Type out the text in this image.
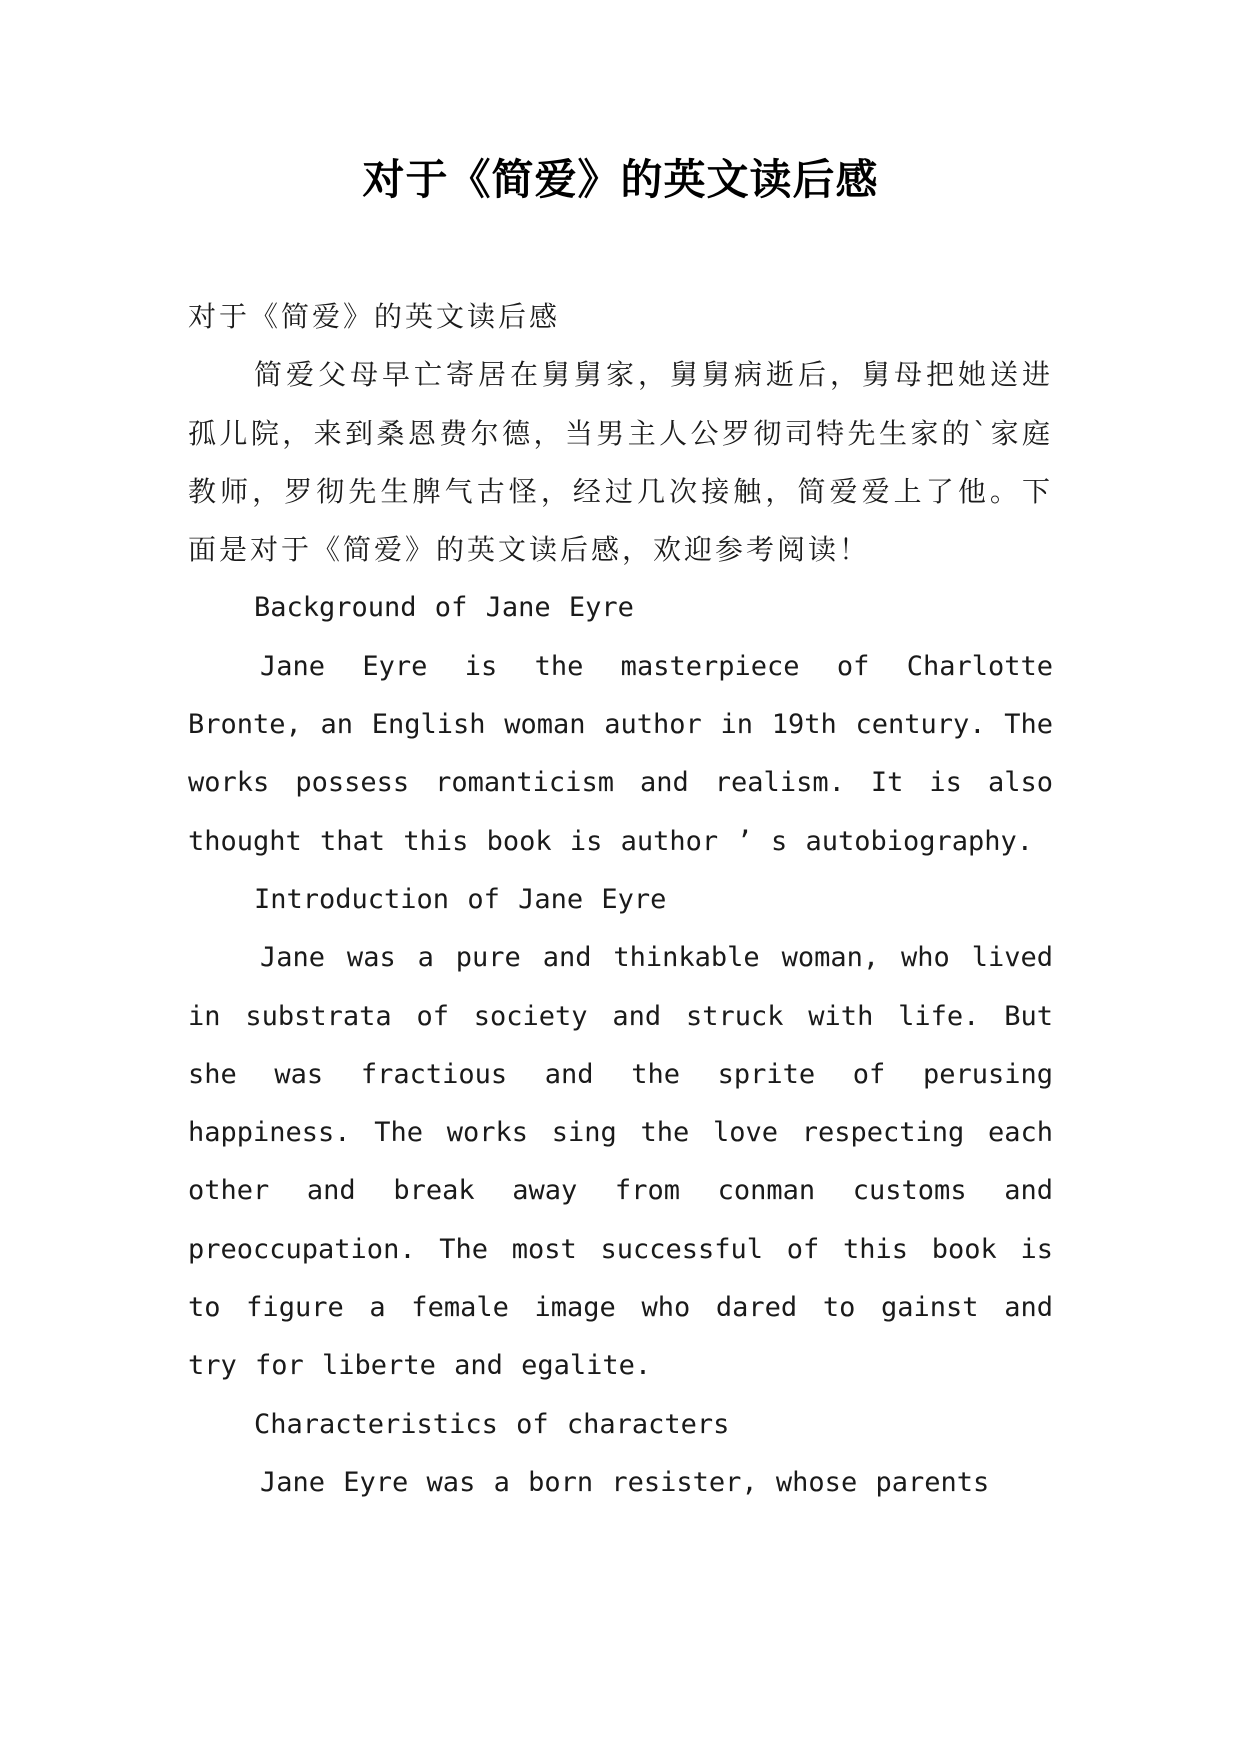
对于《简爱》的英文读后感

对于《简爱》的英文读后感

简爱父母早亡寄居在舅舅家，舅舅病逝后，舅母把她送进孤儿院，来到桑恩费尔德，当男主人公罗彻司特先生家的`家庭教师，罗彻先生脾气古怪，经过几次接触，简爱爱上了他。下面是对于《简爱》的英文读后感，欢迎参考阅读！

Background of Jane Eyre

Jane Eyre is the masterpiece of Charlotte Bronte, an English woman author in 19th century. The works possess romanticism and realism. It is also thought that this book is author ’ s autobiography.

Introduction of Jane Eyre

Jane was a pure and thinkable woman, who lived in substrata of society and struck with life. But she was fractious and the sprite of perusing happiness. The works sing the love respecting each other and break away from conman customs and preoccupation. The most successful of this book is to figure a female image who dared to gainst and try for liberte and egalite.

Characteristics of characters

Jane Eyre was a born resister, whose parents
